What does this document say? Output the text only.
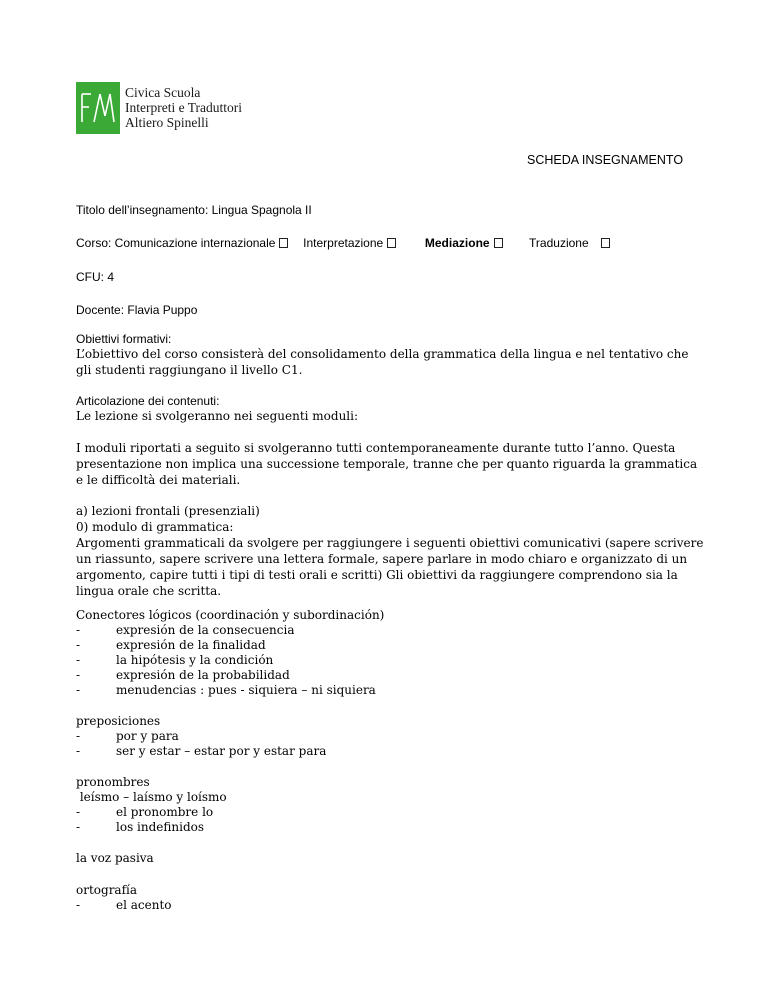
Civica Scuola
Interpreti e Traduttori
Altiero Spinelli
SCHEDA INSEGNAMENTO
Titolo dell’insegnamento: Lingua Spagnola II
Corso: Comunicazione internazionale Interpretazione	Mediazione	Traduzione
CFU: 4
Docente: Flavia Puppo
Obiettivi formativi:
L’obiettivo del corso consisterà del consolidamento della grammatica della lingua e nel tentativo che
gli studenti raggiungano il livello C1.
Articolazione dei contenuti:
Le lezione si svolgeranno nei seguenti moduli:
I moduli riportati a seguito si svolgeranno tutti contemporaneamente durante tutto l’anno. Questa
presentazione non implica una successione temporale, tranne che per quanto riguarda la grammatica
e le difficoltà dei materiali.
a) lezioni frontali (presenziali)
0) modulo di grammatica:
Argomenti grammaticali da svolgere per raggiungere i seguenti obiettivi comunicativi (sapere scrivere
un riassunto, sapere scrivere una lettera formale, sapere parlare in modo chiaro e organizzato di un
argomento, capire tutti i tipi di testi orali e scritti) Gli obiettivi da raggiungere comprendono sia la
lingua orale che scritta.
Conectores lógicos (coordinación y subordinación)
-	expresión de la consecuencia
-	expresión de la finalidad
-	la hipótesis y la condición
-	expresión de la probabilidad
-	menudencias : pues - siquiera – ni siquiera
preposiciones
-	por y para
-	ser y estar – estar por y estar para
pronombres
leísmo – laísmo y loísmo
-	el pronombre lo
-	los indefinidos
la voz pasiva
ortografía
-	el acento
